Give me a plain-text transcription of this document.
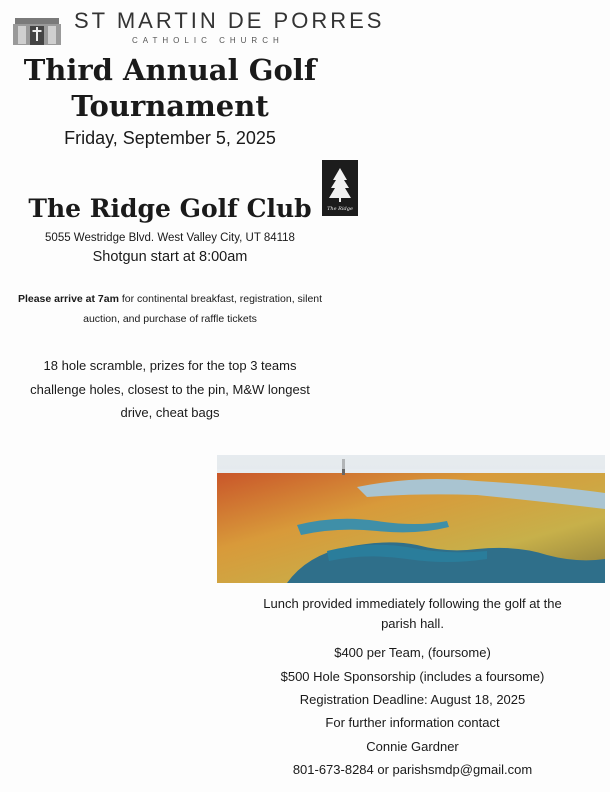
ST MARTIN DE PORRES
CATHOLIC CHURCH
Third Annual Golf
Tournament
Friday, September 5, 2025
The Ridge
The Ridge Golf Club
5055 Westridge Blvd. West Valley City, UT 84118
Shotgun start at 8:00am
Please arrive at 7am for continental breakfast, registration, silent
auction, and purchase of raffle tickets
18 hole scramble, prizes for the top 3 teams
challenge holes, closest to the pin, M&W longest
drive, cheat bags
Lunch provided immediately following the golf at the
parish hall.
$400 per Team, (foursome)
$500 Hole Sponsorship (includes a foursome)
Registration Deadline: August 18, 2025
For further information contact
Connie Gardner
801-673-8284 or parishsmdp@gmail.com
